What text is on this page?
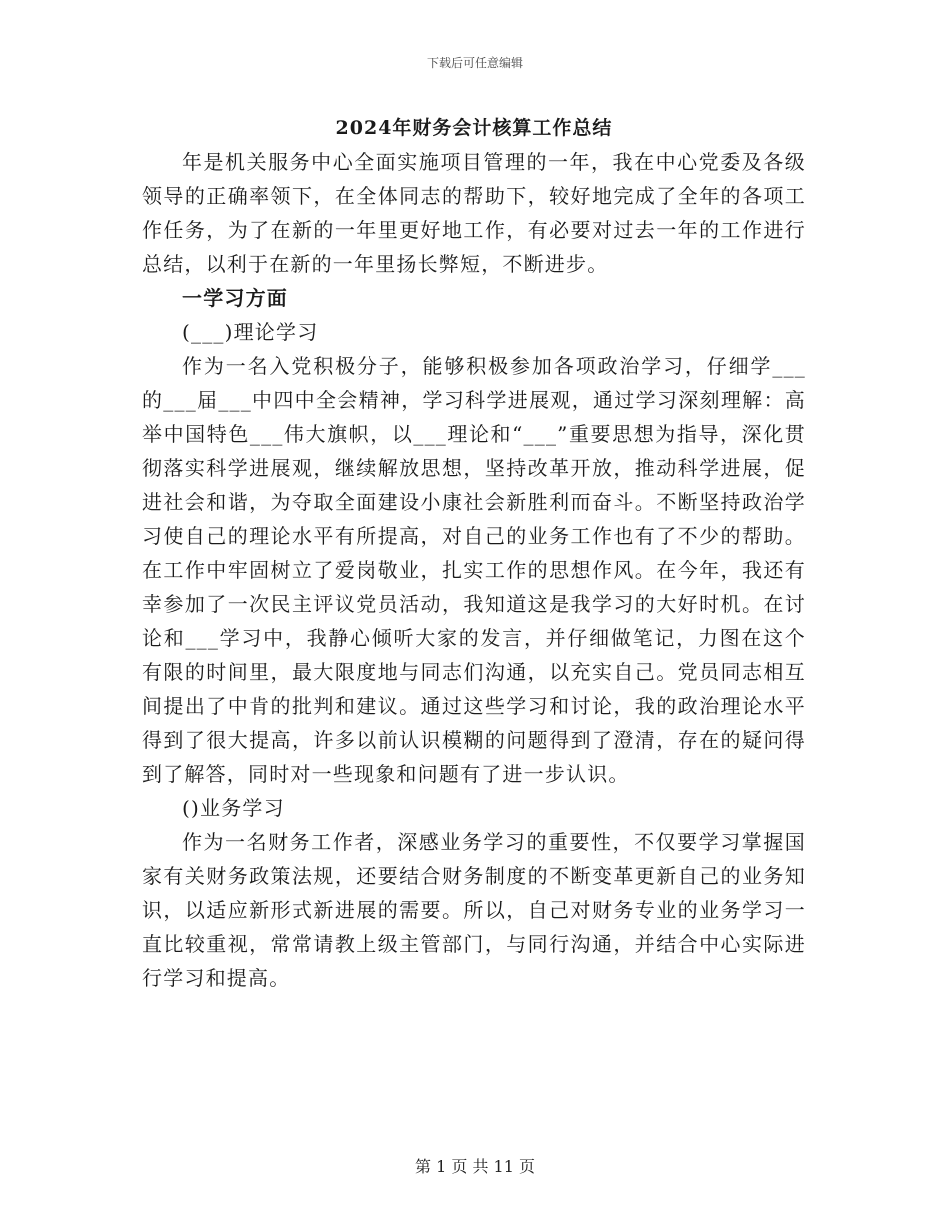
下载后可任意编辑
2024年财务会计核算工作总结

年是机关服务中心全面实施项目管理的一年，我在中心党委及各级领导的正确率领下，在全体同志的帮助下，较好地完成了全年的各项工作任务，为了在新的一年里更好地工作，有必要对过去一年的工作进行总结，以利于在新的一年里扬长弊短，不断进步。

一学习方面

(___)理论学习

作为一名入党积极分子，能够积极参加各项政治学习，仔细学___的___届___中四中全会精神，学习科学进展观，通过学习深刻理解：高举中国特色___伟大旗帜，以___理论和“___”重要思想为指导，深化贯彻落实科学进展观，继续解放思想，坚持改革开放，推动科学进展，促进社会和谐，为夺取全面建设小康社会新胜利而奋斗。不断坚持政治学习使自己的理论水平有所提高，对自己的业务工作也有了不少的帮助。在工作中牢固树立了爱岗敬业，扎实工作的思想作风。在今年，我还有幸参加了一次民主评议党员活动，我知道这是我学习的大好时机。在讨论和___学习中，我静心倾听大家的发言，并仔细做笔记，力图在这个有限的时间里，最大限度地与同志们沟通，以充实自己。党员同志相互间提出了中肯的批判和建议。通过这些学习和讨论，我的政治理论水平得到了很大提高，许多以前认识模糊的问题得到了澄清，存在的疑问得到了解答，同时对一些现象和问题有了进一步认识。

()业务学习

作为一名财务工作者，深感业务学习的重要性，不仅要学习掌握国家有关财务政策法规，还要结合财务制度的不断变革更新自己的业务知识，以适应新形式新进展的需要。所以，自己对财务专业的业务学习一直比较重视，常常请教上级主管部门，与同行沟通，并结合中心实际进行学习和提高。

第 1 页 共 11 页
